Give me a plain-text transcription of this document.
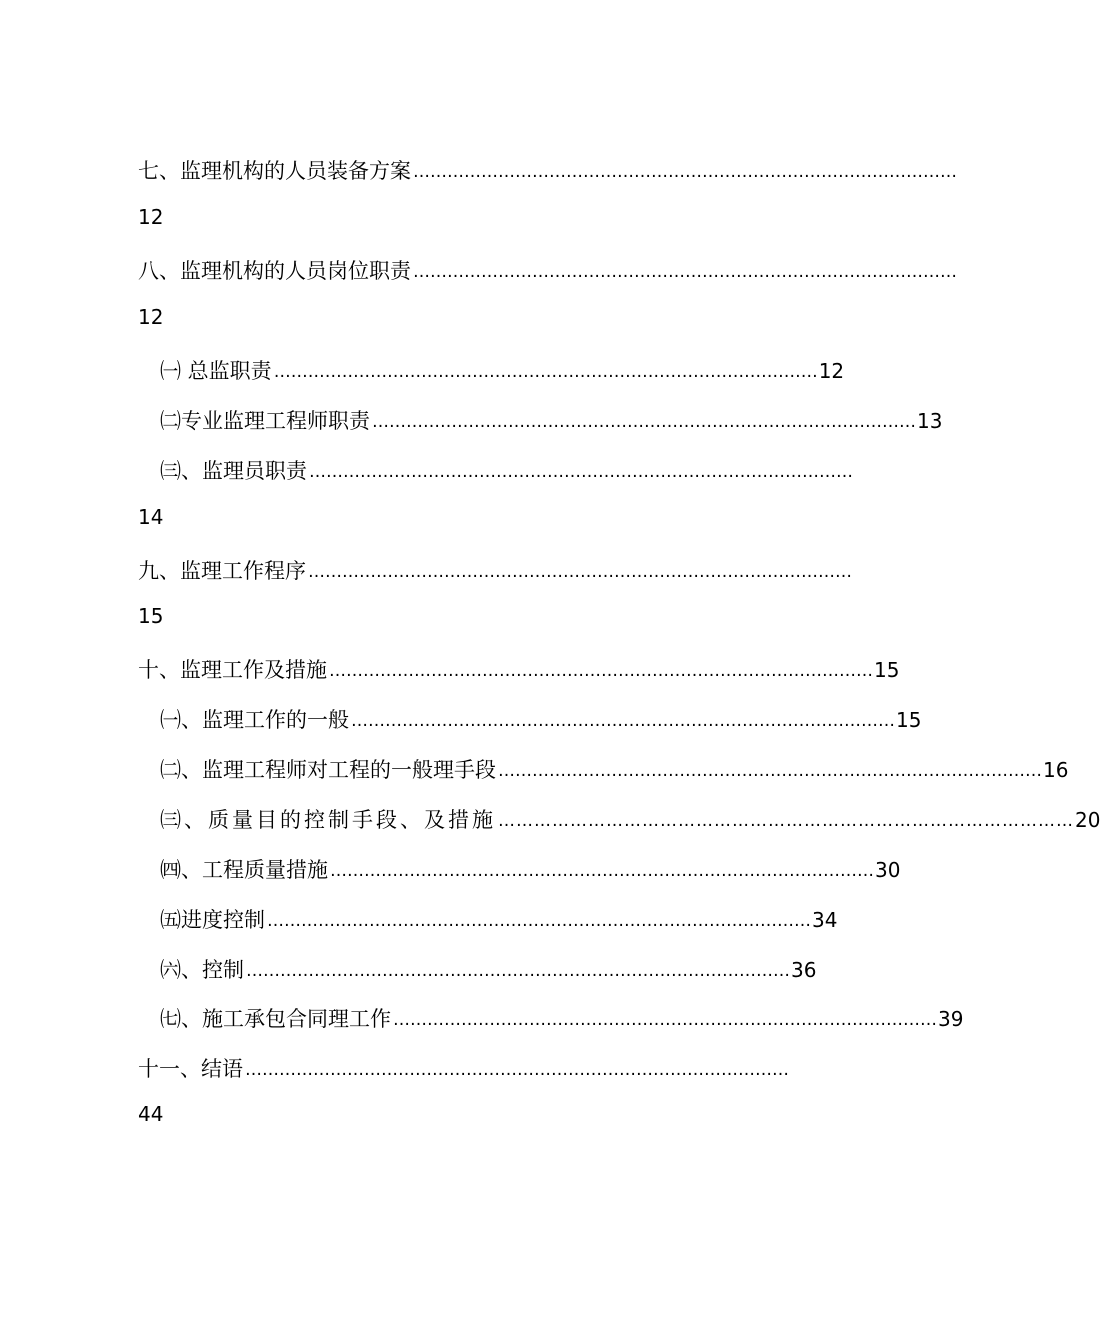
七、监理机构的人员装备方案 ……………………………………………………………………………………
12
八、监理机构的人员岗位职责 ……………………………………………………………………………………
12
㈠ 总监职责 …………………………………………………………………………………… 12
㈡专业监理工程师职责 …………………………………………………………………………………… 13
㈢、监理员职责 ……………………………………………………………………………………
14
九、监理工作程序 ……………………………………………………………………………………
15
十、监理工作及措施 …………………………………………………………………………………… 15
㈠、监理工作的一般 …………………………………………………………………………………… 15
㈡、监理工程师对工程的一般理手段 …………………………………………………………………………………… 16
㈢、质量目的控制手段、及措施 …………………………………………………………………………………… 20
㈣、工程质量措施 …………………………………………………………………………………… 30
㈤进度控制 …………………………………………………………………………………… 34
㈥、控制 …………………………………………………………………………………… 36
㈦、施工承包合同理工作 …………………………………………………………………………………… 39
十一、结语 ……………………………………………………………………………………
44
